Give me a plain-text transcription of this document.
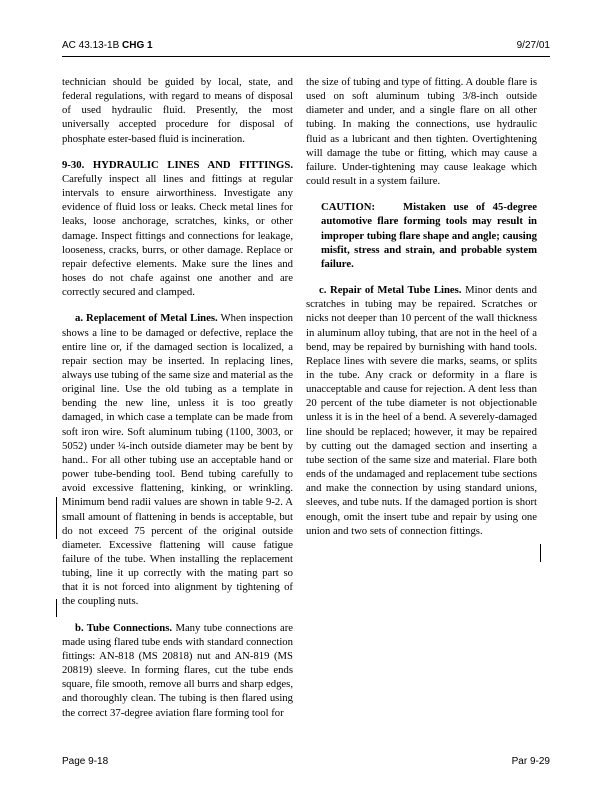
AC 43.13-1B CHG 1	9/27/01

technician should be guided by local, state, and federal regulations, with regard to means of disposal of used hydraulic fluid. Presently, the most universally accepted procedure for disposal of phosphate ester-based fluid is incineration.

9-30. HYDRAULIC LINES AND FITTINGS. Carefully inspect all lines and fittings at regular intervals to ensure airworthiness. Investigate any evidence of fluid loss or leaks. Check metal lines for leaks, loose anchorage, scratches, kinks, or other damage. Inspect fittings and connections for leakage, looseness, cracks, burrs, or other damage. Replace or repair defective elements. Make sure the lines and hoses do not chafe against one another and are correctly secured and clamped.

a. Replacement of Metal Lines. When inspection shows a line to be damaged or defective, replace the entire line or, if the damaged section is localized, a repair section may be inserted. In replacing lines, always use tubing of the same size and material as the original line. Use the old tubing as a template in bending the new line, unless it is too greatly damaged, in which case a template can be made from soft iron wire. Soft aluminum tubing (1100, 3003, or 5052) under ¼-inch outside diameter may be bent by hand.. For all other tubing use an acceptable hand or power tube-bending tool. Bend tubing carefully to avoid excessive flattening, kinking, or wrinkling. Minimum bend radii values are shown in table 9-2. A small amount of flattening in bends is acceptable, but do not exceed 75 percent of the original outside diameter. Excessive flattening will cause fatigue failure of the tube. When installing the replacement tubing, line it up correctly with the mating part so that it is not forced into alignment by tightening of the coupling nuts.

b. Tube Connections. Many tube connections are made using flared tube ends with standard connection fittings: AN-818 (MS 20818) nut and AN-819 (MS 20819) sleeve. In forming flares, cut the tube ends square, file smooth, remove all burrs and sharp edges, and thoroughly clean. The tubing is then flared using the correct 37-degree aviation flare forming tool for

the size of tubing and type of fitting. A double flare is used on soft aluminum tubing 3/8-inch outside diameter and under, and a single flare on all other tubing. In making the connections, use hydraulic fluid as a lubricant and then tighten. Overtightening will damage the tube or fitting, which may cause a failure. Under-tightening may cause leakage which could result in a system failure.

CAUTION:	Mistaken use of 45-degree automotive flare forming tools may result in improper tubing flare shape and angle; causing misfit, stress and strain, and probable system failure.

c. Repair of Metal Tube Lines. Minor dents and scratches in tubing may be repaired. Scratches or nicks not deeper than 10 percent of the wall thickness in aluminum alloy tubing, that are not in the heel of a bend, may be repaired by burnishing with hand tools. Replace lines with severe die marks, seams, or splits in the tube. Any crack or deformity in a flare is unacceptable and cause for rejection. A dent less than 20 percent of the tube diameter is not objectionable unless it is in the heel of a bend. A severely-damaged line should be replaced; however, it may be repaired by cutting out the damaged section and inserting a tube section of the same size and material. Flare both ends of the undamaged and replacement tube sections and make the connection by using standard unions, sleeves, and tube nuts. If the damaged portion is short enough, omit the insert tube and repair by using one union and two sets of connection fittings.

Page 9-18	Par 9-29
